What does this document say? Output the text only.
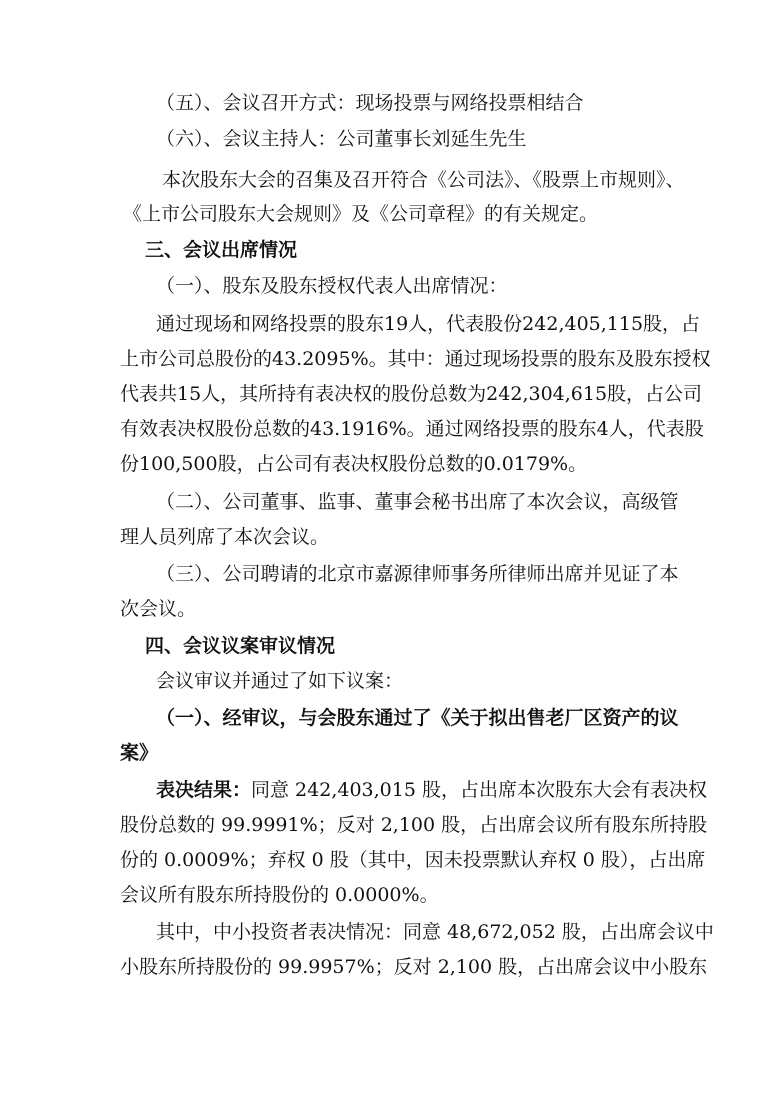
（五）、会议召开方式：现场投票与网络投票相结合
（六）、会议主持人：公司董事长刘延生先生
本次股东大会的召集及召开符合《公司法》、《股票上市规则》、
《上市公司股东大会规则》及《公司章程》的有关规定。
三、会议出席情况
（一）、股东及股东授权代表人出席情况：
通过现场和网络投票的股东19人，代表股份242,405,115股，占
上市公司总股份的43.2095%。其中：通过现场投票的股东及股东授权
代表共15人，其所持有表决权的股份总数为242,304,615股，占公司
有效表决权股份总数的43.1916%。通过网络投票的股东4人，代表股
份100,500股，占公司有表决权股份总数的0.0179%。
（二）、公司董事、监事、董事会秘书出席了本次会议，高级管
理人员列席了本次会议。
（三）、公司聘请的北京市嘉源律师事务所律师出席并见证了本
次会议。
四、会议议案审议情况
会议审议并通过了如下议案：
（一）、经审议，与会股东通过了《关于拟出售老厂区资产的议
案》
表决结果：同意 242,403,015 股，占出席本次股东大会有表决权
股份总数的 99.9991%；反对 2,100 股，占出席会议所有股东所持股
份的 0.0009%；弃权 0 股（其中，因未投票默认弃权 0 股），占出席
会议所有股东所持股份的 0.0000%。
其中，中小投资者表决情况：同意 48,672,052 股，占出席会议中
小股东所持股份的 99.9957%；反对 2,100 股，占出席会议中小股东
